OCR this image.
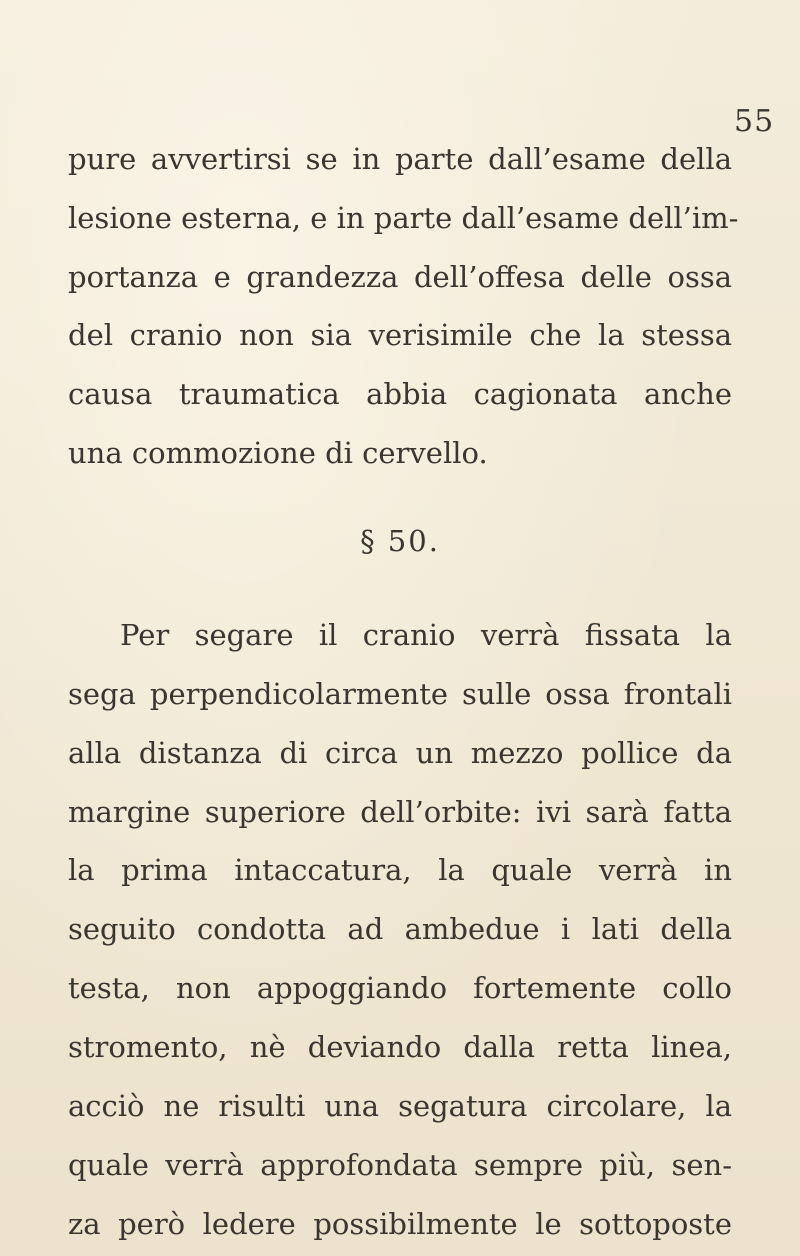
55
pure avvertirsi se in parte dall’esame della
lesione esterna, e in parte dall’esame dell’im-
portanza e grandezza dell’offesa delle ossa
del cranio non sia verisimile che la stessa
causa traumatica abbia cagionata anche
una commozione di cervello.
§ 50.
Per segare il cranio verrà fissata la
sega perpendicolarmente sulle ossa frontali
alla distanza di circa un mezzo pollice da
margine superiore dell’orbite: ivi sarà fatta
la prima intaccatura, la quale verrà in
seguito condotta ad ambedue i lati della
testa, non appoggiando fortemente collo
stromento, nè deviando dalla retta linea,
acciò ne risulti una segatura circolare, la
quale verrà approfondata sempre più, sen-
za però ledere possibilmente le sottoposte
